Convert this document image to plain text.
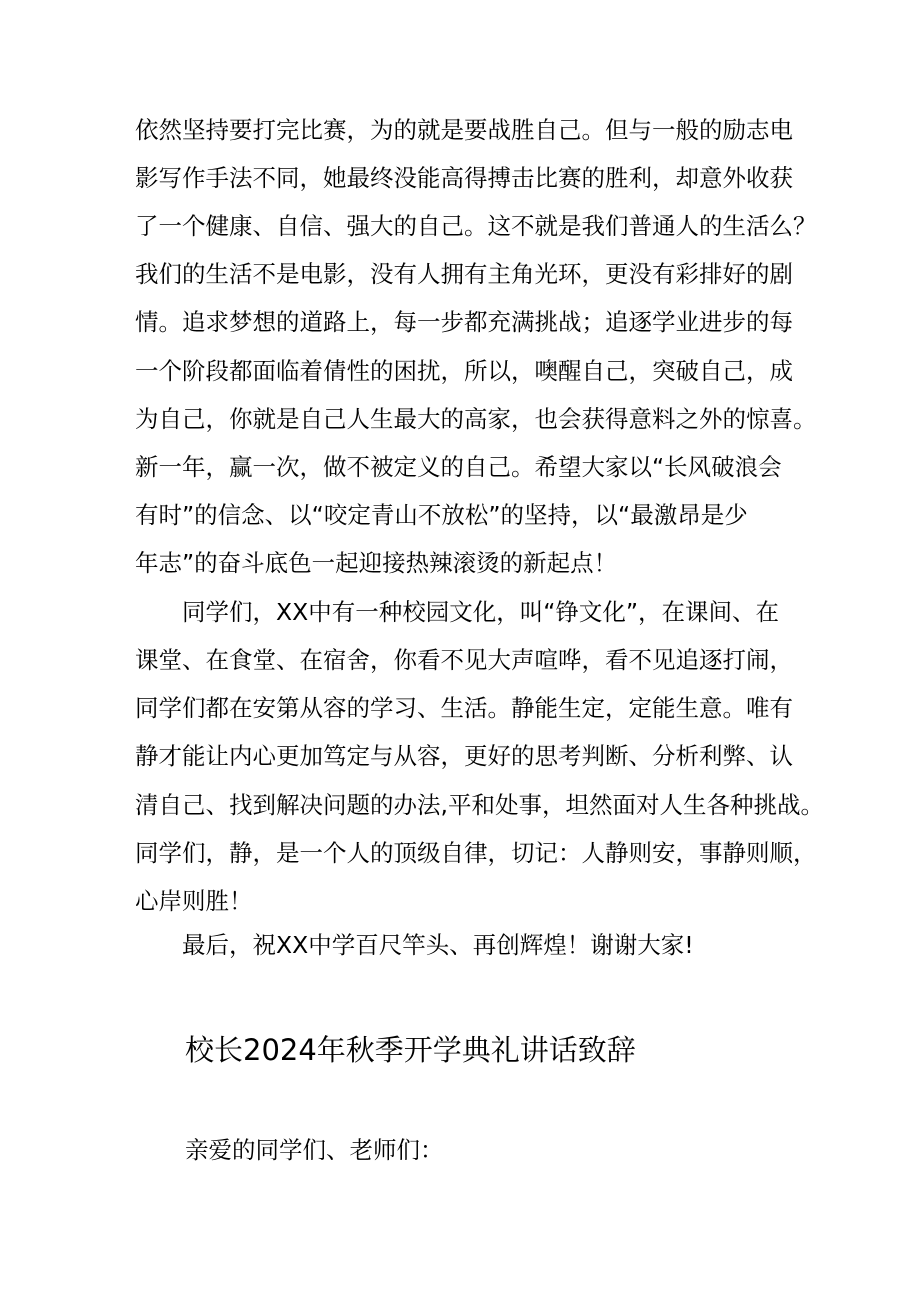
依然坚持要打完比赛，为的就是要战胜自己。但与一般的励志电

影写作手法不同，她最终没能高得搏击比赛的胜利，却意外收获

了一个健康、自信、强大的自己。这不就是我们普通人的生活么？

我们的生活不是电影，没有人拥有主角光环，更没有彩排好的剧

情。追求梦想的道路上，每一步都充满挑战；追逐学业进步的每

一个阶段都面临着倩性的困扰，所以，噢醒自己，突破自己，成

为自己，你就是自己人生最大的高家，也会获得意料之外的惊喜。

新一年，赢一次，做不被定义的自己。希望大家以“长风破浪会

有时”的信念、以“咬定青山不放松”的坚持，以“最激昂是少

年志”的奋斗底色一起迎接热辣滚烫的新起点！

　　同学们，XX中有一种校园文化，叫“铮文化”，在课间、在

课堂、在食堂、在宿舍，你看不见大声喧哗，看不见追逐打闹，

同学们都在安第从容的学习、生活。静能生定，定能生意。唯有

静才能让内心更加笃定与从容，更好的思考判断、分析利弊、认

清自己、找到解决问题的办法,平和处事，坦然面对人生各种挑战。

同学们，静，是一个人的顶级自律，切记：人静则安，事静则顺，

心岸则胜！

　　最后，祝XX中学百尺竿头、再创辉煌！谢谢大家!

校长2024年秋季开学典礼讲话致辞

亲爱的同学们、老师们：
